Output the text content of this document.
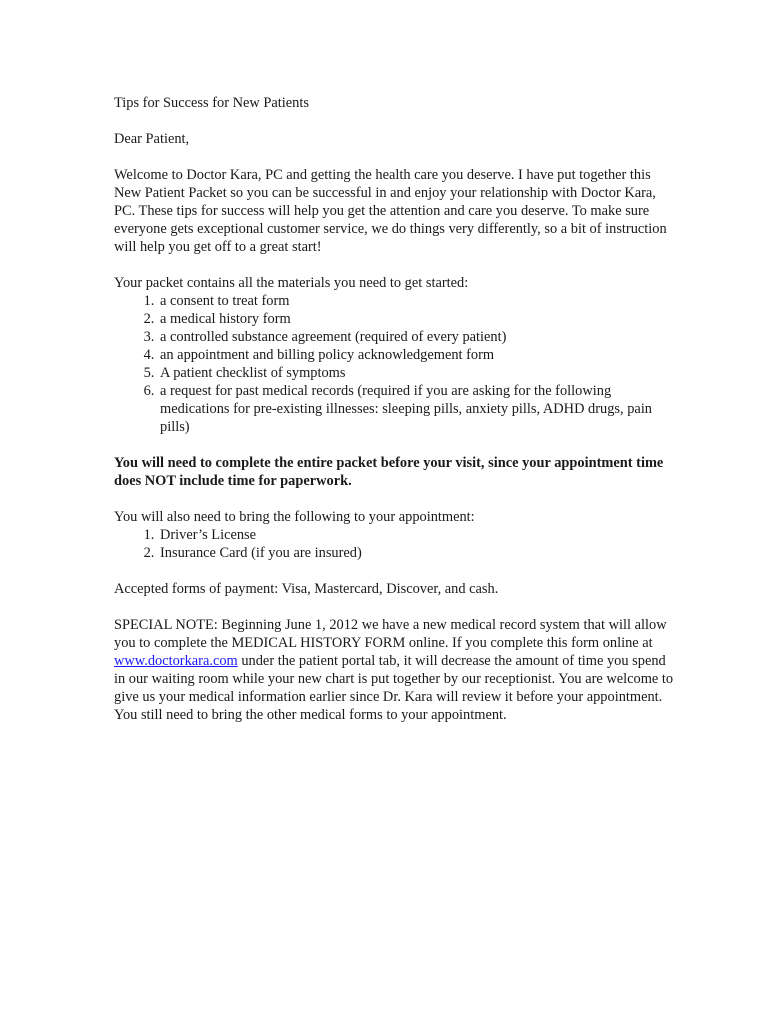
Tips for Success for New Patients

Dear Patient,

Welcome to Doctor Kara, PC and getting the health care you deserve. I have put together this New Patient Packet so you can be successful in and enjoy your relationship with Doctor Kara, PC. These tips for success will help you get the attention and care you deserve. To make sure everyone gets exceptional customer service, we do things very differently, so a bit of instruction will help you get off to a great start!

Your packet contains all the materials you need to get started:

1. a consent to treat form
2. a medical history form
3. a controlled substance agreement (required of every patient)
4. an appointment and billing policy acknowledgement form
5. A patient checklist of symptoms
6. a request for past medical records (required if you are asking for the following medications for pre-existing illnesses: sleeping pills, anxiety pills, ADHD drugs, pain pills)

You will need to complete the entire packet before your visit, since your appointment time does NOT include time for paperwork.

You will also need to bring the following to your appointment:

1. Driver’s License
2. Insurance Card (if you are insured)

Accepted forms of payment: Visa, Mastercard, Discover, and cash.

SPECIAL NOTE: Beginning June 1, 2012 we have a new medical record system that will allow you to complete the MEDICAL HISTORY FORM online. If you complete this form online at www.doctorkara.com under the patient portal tab, it will decrease the amount of time you spend in our waiting room while your new chart is put together by our receptionist. You are welcome to give us your medical information earlier since Dr. Kara will review it before your appointment. You still need to bring the other medical forms to your appointment.
